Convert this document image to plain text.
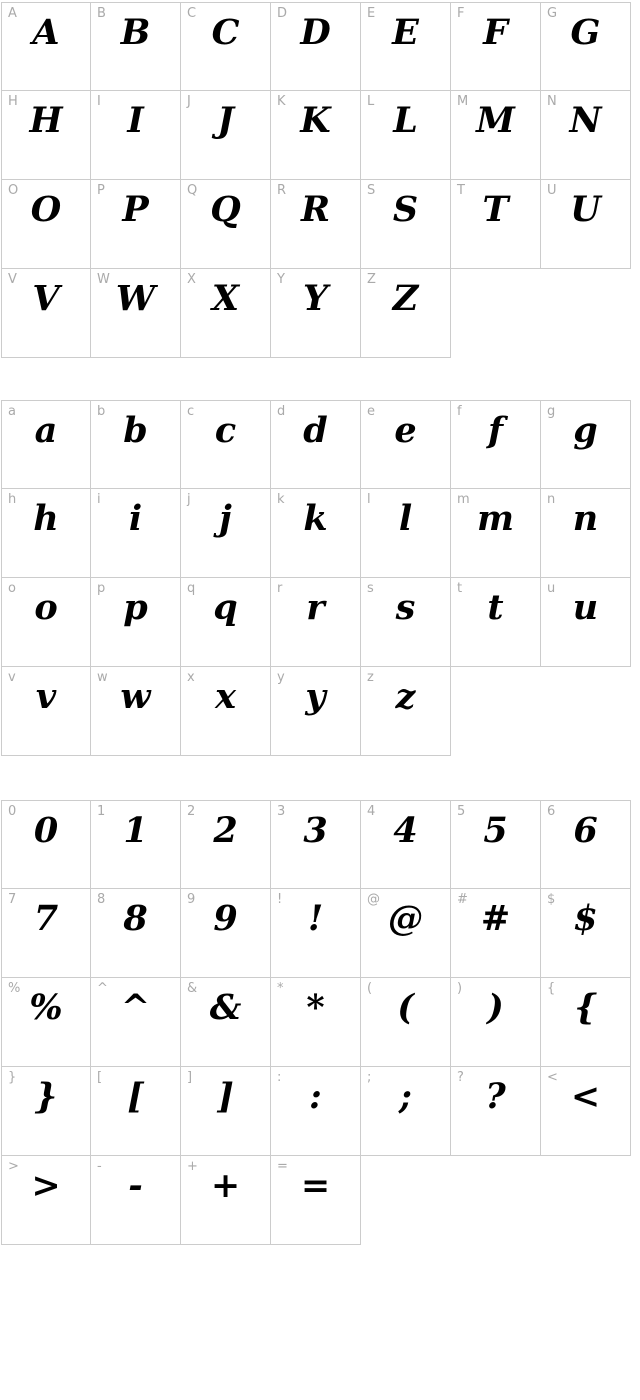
A A	B B	C C	D D	E E	F F	G G
H H	I I	J J	K K	L L	M M	N N
O O	P P	Q Q	R R	S S	T T	U U
V V	W W	X X	Y Y	Z Z
a a	b b	c c	d d	e e	f f	g g
h h	i i	j j	k k	l l	m m	n n
o o	p p	q q	r r	s s	t t	u u
v v	w w	x x	y y	z z
0 0	1 1	2 2	3 3	4 4	5 5	6 6
7 7	8 8	9 9	! !	@ @	# #	$ $
% %	^ ^	& &	* *	( (	) )	{ {
} }	[ [	] ]	: :	; ;	? ?	< <
> >	- -	+ +	= =
